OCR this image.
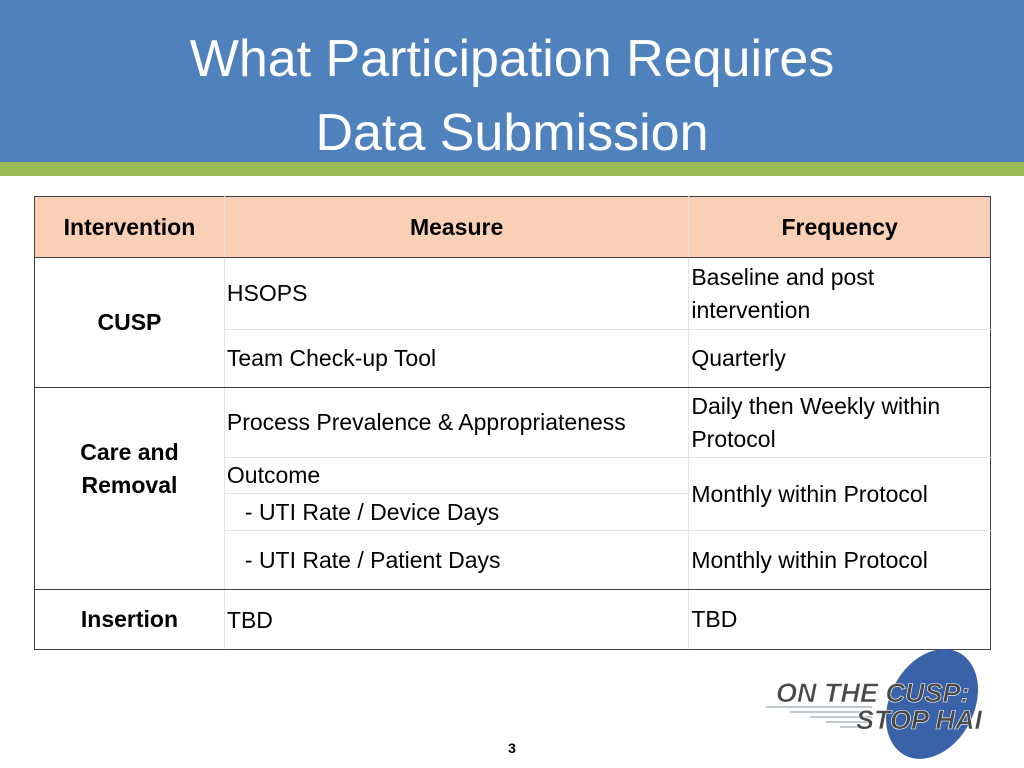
What Participation Requires
Data Submission
Intervention	Measure	Frequency
CUSP	HSOPS	Baseline and post intervention
	Team Check-up Tool	Quarterly

Care and
Removal	Process Prevalence & Appropriateness	Daily then Weekly within Protocol
	Outcome	Monthly within Protocol
	- UTI Rate / Device Days	
	- UTI Rate / Patient Days	Monthly within Protocol
Insertion	TBD	TBD
ON THE CUSP:
STOP HAI
3
